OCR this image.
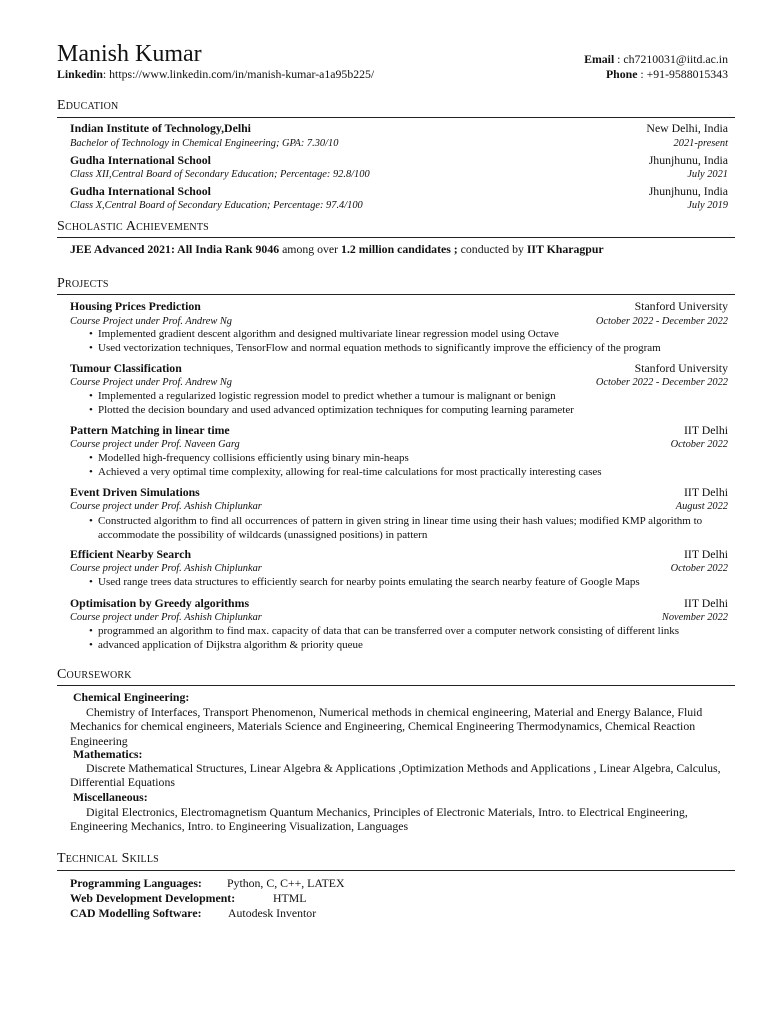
Manish Kumar
Linkedin: https://www.linkedin.com/in/manish-kumar-a1a95b225/
Email : ch7210031@iitd.ac.in
Phone : +91-9588015343
Education
Indian Institute of Technology,Delhi	New Delhi, India
Bachelor of Technology in Chemical Engineering; GPA: 7.30/10	2021-present
Gudha International School	Jhunjhunu, India
Class XII,Central Board of Secondary Education; Percentage: 92.8/100	July 2021
Gudha International School	Jhunjhunu, India
Class X,Central Board of Secondary Education; Percentage: 97.4/100	July 2019
Scholastic Achievements
JEE Advanced 2021: All India Rank 9046 among over 1.2 million candidates ; conducted by IIT Kharagpur
Projects
Housing Prices Prediction	Stanford University
Course Project under Prof. Andrew Ng	October 2022 - December 2022
• Implemented gradient descent algorithm and designed multivariate linear regression model using Octave
• Used vectorization techniques, TensorFlow and normal equation methods to significantly improve the efficiency of the program
Tumour Classification	Stanford University
Course Project under Prof. Andrew Ng	October 2022 - December 2022
• Implemented a regularized logistic regression model to predict whether a tumour is malignant or benign
• Plotted the decision boundary and used advanced optimization techniques for computing learning parameter
Pattern Matching in linear time	IIT Delhi
Course project under Prof. Naveen Garg	October 2022
• Modelled high-frequency collisions efficiently using binary min-heaps
• Achieved a very optimal time complexity, allowing for real-time calculations for most practically interesting cases
Event Driven Simulations	IIT Delhi
Course project under Prof. Ashish Chiplunkar	August 2022
• Constructed algorithm to find all occurrences of pattern in given string in linear time using their hash values; modified KMP algorithm to accommodate the possibility of wildcards (unassigned positions) in pattern
Efficient Nearby Search	IIT Delhi
Course project under Prof. Ashish Chiplunkar	October 2022
• Used range trees data structures to efficiently search for nearby points emulating the search nearby feature of Google Maps
Optimisation by Greedy algorithms	IIT Delhi
Course project under Prof. Ashish Chiplunkar	November 2022
• programmed an algorithm to find max. capacity of data that can be transferred over a computer network consisting of different links
• advanced application of Dijkstra algorithm & priority queue
Coursework
Chemical Engineering:
Chemistry of Interfaces, Transport Phenomenon, Numerical methods in chemical engineering, Material and Energy Balance, Fluid Mechanics for chemical engineers, Materials Science and Engineering, Chemical Engineering Thermodynamics, Chemical Reaction Engineering
Mathematics:
Discrete Mathematical Structures, Linear Algebra & Applications ,Optimization Methods and Applications , Linear Algebra, Calculus, Differential Equations
Miscellaneous:
Digital Electronics, Electromagnetism Quantum Mechanics, Principles of Electronic Materials, Intro. to Electrical Engineering, Engineering Mechanics, Intro. to Engineering Visualization, Languages
Technical Skills
Programming Languages: Python, C, C++, LATEX
Web Development Development:	HTML
CAD Modelling Software: Autodesk Inventor
